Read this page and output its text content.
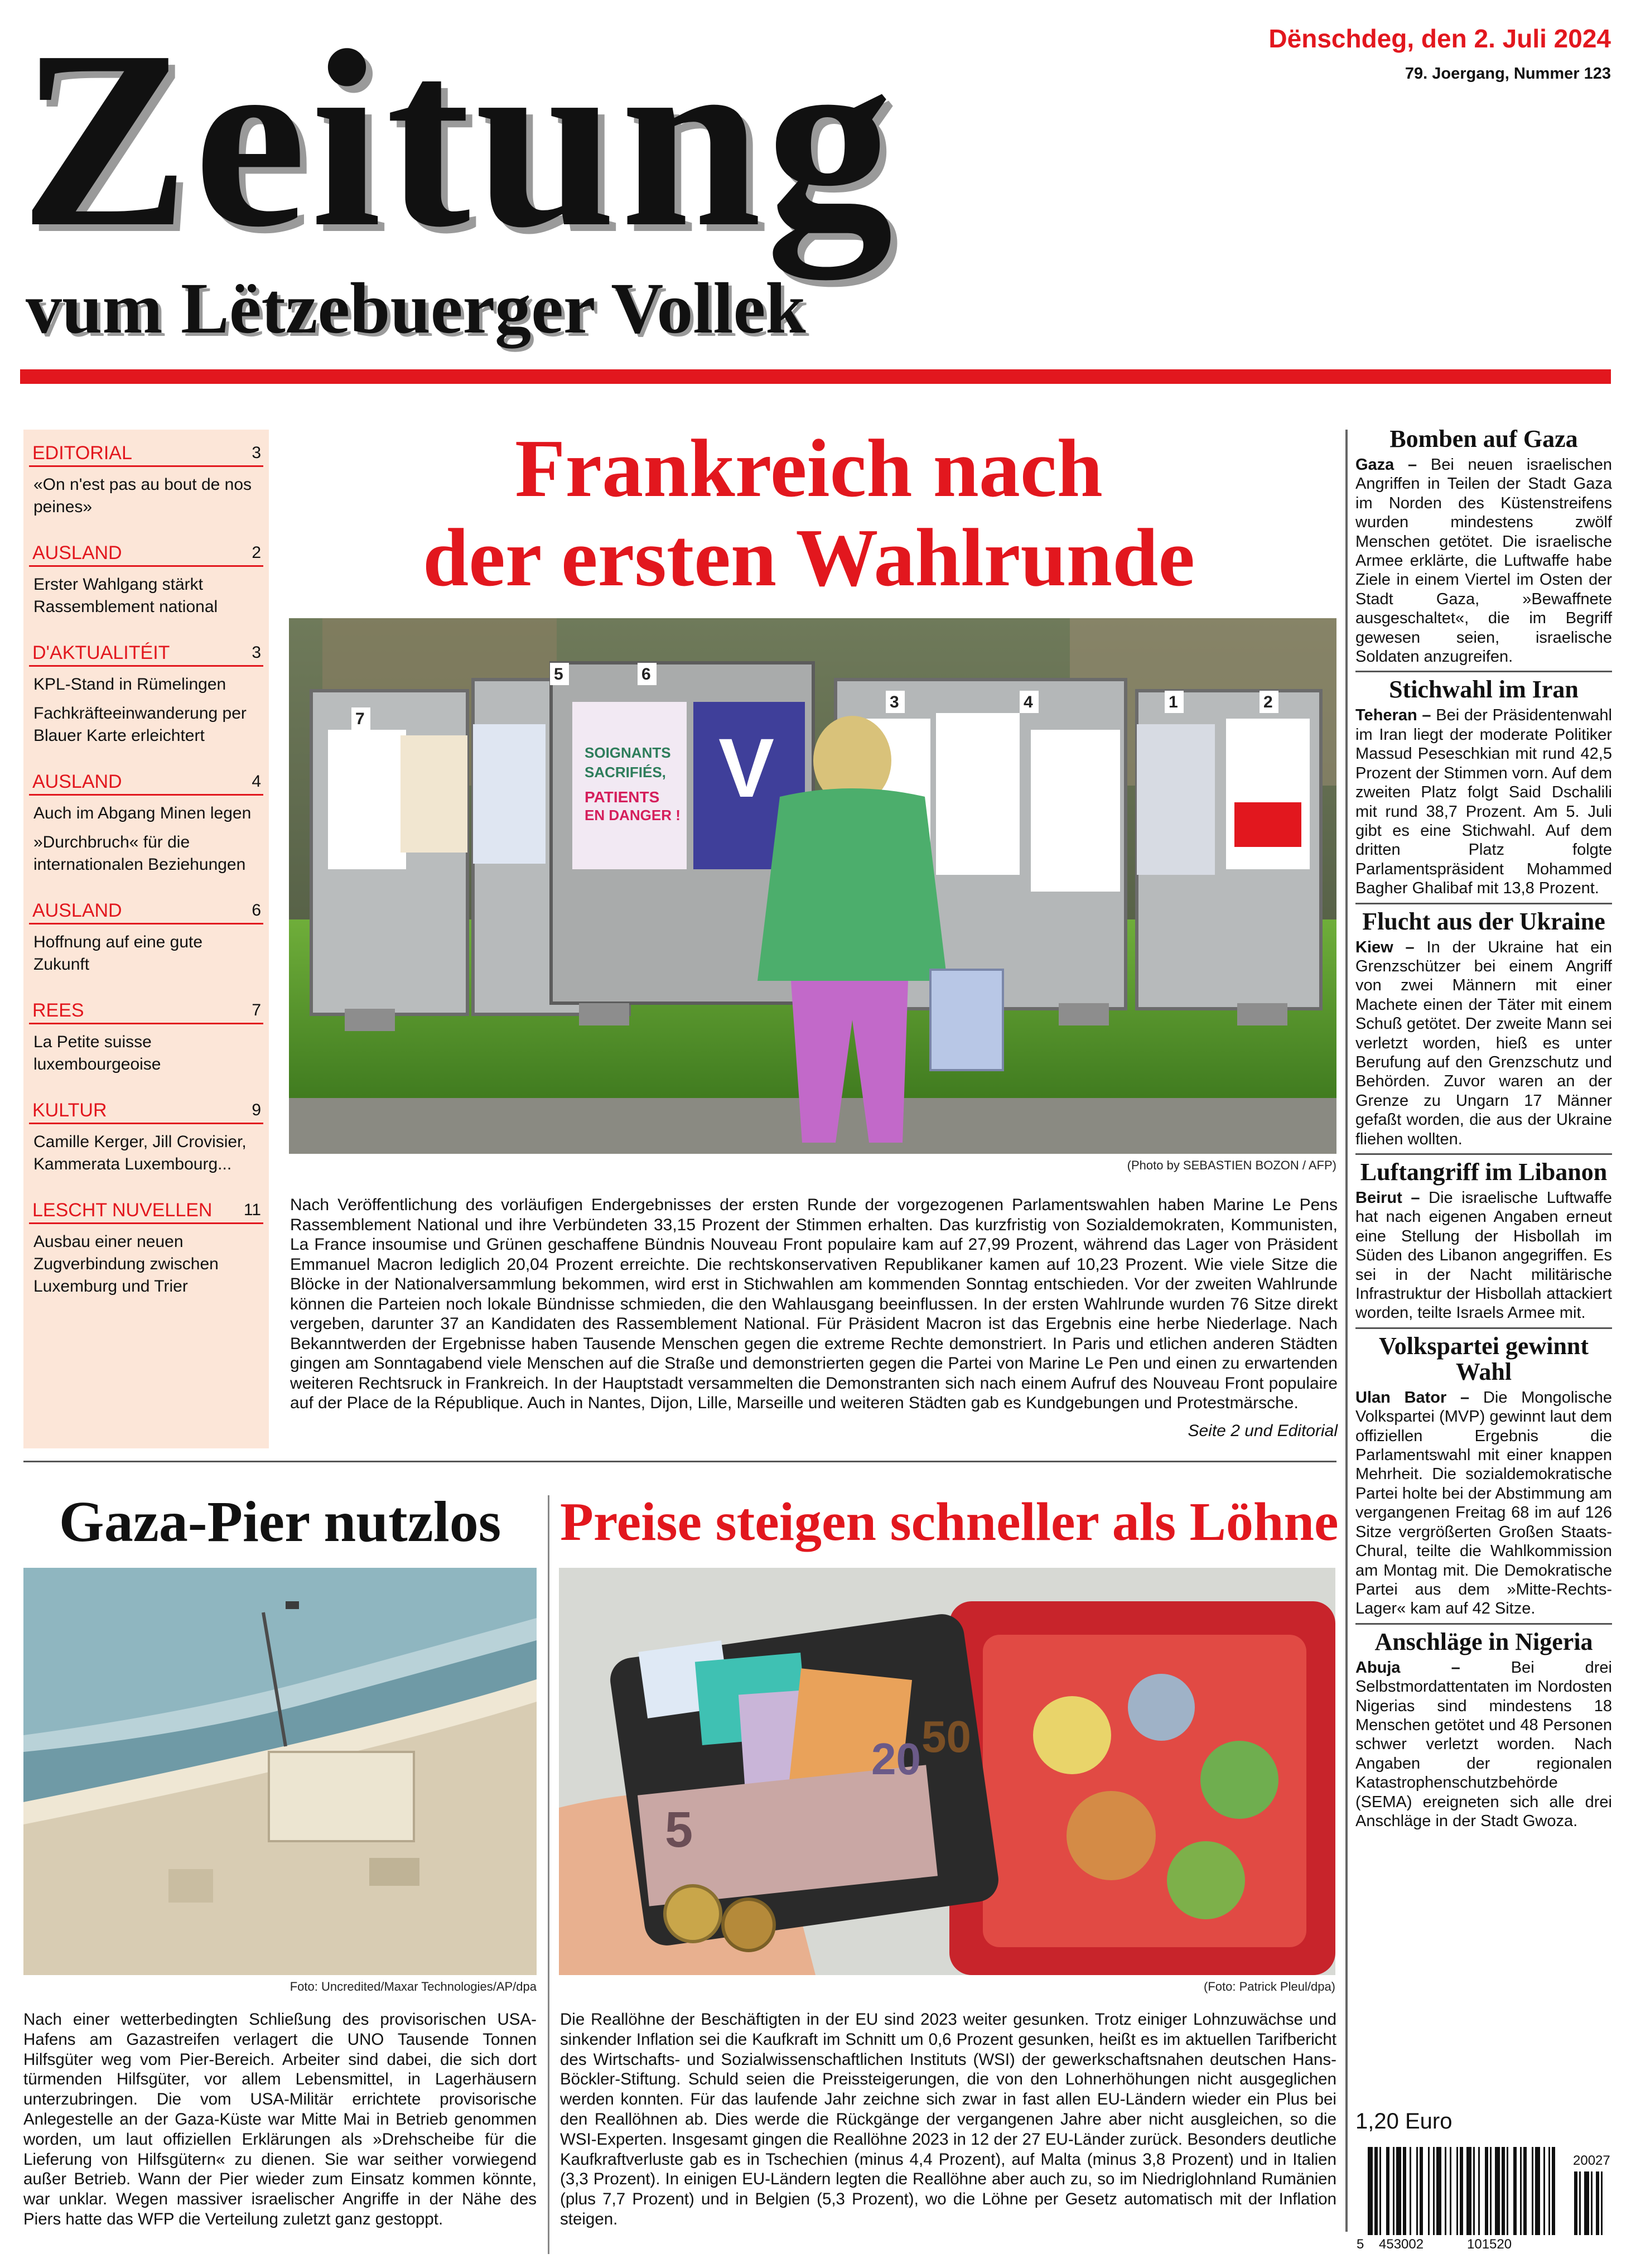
Zeitung
vum Lëtzebuerger Vollek
Dënschdeg, den 2. Juli 2024
79. Joergang, Nummer 123
EDITORIAL	3
«On n'est pas au bout de nos peines»
AUSLAND	2
Erster Wahlgang stärkt Rassemblement national
D'AKTUALITÉIT	3
KPL-Stand in Rümelingen
Fachkräfteeinwanderung per Blauer Karte erleichtert
AUSLAND	4
Auch im Abgang Minen legen
»Durchbruch« für die internationalen Beziehungen
AUSLAND	6
Hoffnung auf eine gute Zukunft
REES	7
La Petite suisse luxembourgeoise
KULTUR	9
Camille Kerger, Jill Crovisier, Kammerata Luxembourg...
LESCHT NUVELLEN 11
Ausbau einer neuen Zugverbindung zwischen Luxemburg und Trier
Frankreich nach
der ersten Wahlrunde
SOIGNANTS
SACRIFIÉS,
PATIENTS
EN DANGER !
V
7
5	6
3	4	1	2
(Photo by SEBASTIEN BOZON / AFP)
Nach Veröffentlichung des vorläufigen Endergebnisses der ersten Runde der vorgezogenen Parlamentswahlen haben Marine Le Pens Rassemblement National und ihre Verbündeten 33,15 Prozent der Stimmen erhalten. Das kurzfristig von Sozialdemokraten, Kommunisten, La France insoumise und Grünen geschaffene Bündnis Nouveau Front populaire kam auf 27,99 Prozent, während das Lager von Präsident Emmanuel Macron lediglich 20,04 Prozent erreichte. Die rechtskonservativen Republikaner kamen auf 10,23 Prozent. Wie viele Sitze die Blöcke in der Nationalversammlung bekommen, wird erst in Stichwahlen am kommenden Sonntag entschieden. Vor der zweiten Wahlrunde können die Parteien noch lokale Bündnisse schmieden, die den Wahlausgang beeinflussen. In der ersten Wahlrunde wurden 76 Sitze direkt vergeben, darunter 37 an Kandidaten des Rassemblement National. Für Präsident Macron ist das Ergebnis eine herbe Niederlage. Nach Bekanntwerden der Ergebnisse haben Tausende Menschen gegen die extreme Rechte demonstriert. In Paris und etlichen anderen Städten gingen am Sonntagabend viele Menschen auf die Straße und demonstrierten gegen die Partei von Marine Le Pen und einen zu erwartenden weiteren Rechtsruck in Frankreich. In der Hauptstadt versammelten die Demonstranten sich nach einem Aufruf des Nouveau Front populaire auf der Place de la République. Auch in Nantes, Dijon, Lille, Marseille und weiteren Städten gab es Kundgebungen und Protestmärsche.
Seite 2 und Editorial
Bomben auf Gaza
Gaza – Bei neuen israelischen Angriffen in Teilen der Stadt Gaza im Norden des Küstenstreifens wurden mindestens zwölf Menschen getötet. Die israelische Armee erklärte, die Luftwaffe habe Ziele in einem Viertel im Osten der Stadt Gaza, »Bewaffnete ausgeschaltet«, die im Begriff gewesen seien, israelische Soldaten anzugreifen.
Stichwahl im Iran
Teheran – Bei der Präsidentenwahl im Iran liegt der moderate Politiker Massud Peseschkian mit rund 42,5 Prozent der Stimmen vorn. Auf dem zweiten Platz folgt Said Dschalili mit rund 38,7 Prozent. Am 5. Juli gibt es eine Stichwahl. Auf dem dritten Platz folgte Parlamentspräsident Mohammed Bagher Ghalibaf mit 13,8 Prozent.
Flucht aus der Ukraine
Kiew – In der Ukraine hat ein Grenzschützer bei einem Angriff von zwei Männern mit einer Machete einen der Täter mit einem Schuß getötet. Der zweite Mann sei verletzt worden, hieß es unter Berufung auf den Grenzschutz und Behörden. Zuvor waren an der Grenze zu Ungarn 17 Männer gefaßt worden, die aus der Ukraine fliehen wollten.
Luftangriff im Libanon
Beirut – Die israelische Luftwaffe hat nach eigenen Angaben erneut eine Stellung der Hisbollah im Süden des Libanon angegriffen. Es sei in der Nacht militärische Infrastruktur der Hisbollah attackiert worden, teilte Israels Armee mit.
Volkspartei gewinnt Wahl
Ulan Bator – Die Mongolische Volkspartei (MVP) gewinnt laut dem offiziellen Ergebnis die Parlamentswahl mit einer knappen Mehrheit. Die sozialdemokratische Partei holte bei der Abstimmung am vergangenen Freitag 68 im auf 126 Sitze vergrößerten Großen Staats-Chural, teilte die Wahlkommission am Montag mit. Die Demokratische Partei aus dem »Mitte-Rechts-Lager« kam auf 42 Sitze.
Anschläge in Nigeria
Abuja –	Bei drei Selbstmordattentaten im Nordosten Nigerias sind mindestens 18 Menschen getötet und 48 Personen schwer verletzt worden. Nach Angaben der regionalen Katastrophenschutzbehörde (SEMA) ereigneten sich alle drei Anschläge in der Stadt Gwoza.
Gaza-Pier nutzlos
Foto: Uncredited/Maxar Technologies/AP/dpa
Nach einer wetterbedingten Schließung des provisorischen USA-Hafens am Gazastreifen verlagert die UNO Tausende Tonnen Hilfsgüter weg vom Pier-Bereich. Arbeiter sind dabei, die sich dort türmenden Hilfsgüter, vor allem Lebensmittel, in Lagerhäusern unterzubringen. Die vom USA-Militär errichtete provisorische Anlegestelle an der Gaza-Küste war Mitte Mai in Betrieb genommen worden, um laut offiziellen Erklärungen als »Drehscheibe für die Lieferung von Hilfsgütern« zu dienen. Sie war seither vorwiegend außer Betrieb. Wann der Pier wieder zum Einsatz kommen könnte, war unklar. Wegen massiver israelischer Angriffe in der Nähe des Piers hatte das WFP die Verteilung zuletzt ganz gestoppt.
Preise steigen schneller als Löhne
5
20 50
(Foto: Patrick Pleul/dpa)
Die Reallöhne der Beschäftigten in der EU sind 2023 weiter gesunken. Trotz einiger Lohnzuwächse und sinkender Inflation sei die Kaufkraft im Schnitt um 0,6 Prozent gesunken, heißt es im aktuellen Tarifbericht des Wirtschafts- und Sozialwissenschaftlichen Instituts (WSI) der gewerkschaftsnahen deutschen Hans-Böckler-Stiftung. Schuld seien die Preissteigerungen, die von den Lohnerhöhungen nicht ausgeglichen werden konnten. Für das laufende Jahr zeichne sich zwar in fast allen EU-Ländern wieder ein Plus bei den Reallöhnen ab. Dies werde die Rückgänge der vergangenen Jahre aber nicht ausgleichen, so die WSI-Experten. Insgesamt gingen die Reallöhne 2023 in 12 der 27 EU-Länder zurück. Besonders deutliche Kaufkraftverluste gab es in Tschechien (minus 4,4 Prozent), auf Malta (minus 3,8 Prozent) und in Italien (3,3 Prozent). In einigen EU-Ländern legten die Reallöhne aber auch zu, so im Niedriglohnland Rumänien (plus 7,7 Prozent) und in Belgien (5,3 Prozent), wo die Löhne per Gesetz automatisch mit der Inflation steigen.
1,20 Euro
20027
5 453002	101520
